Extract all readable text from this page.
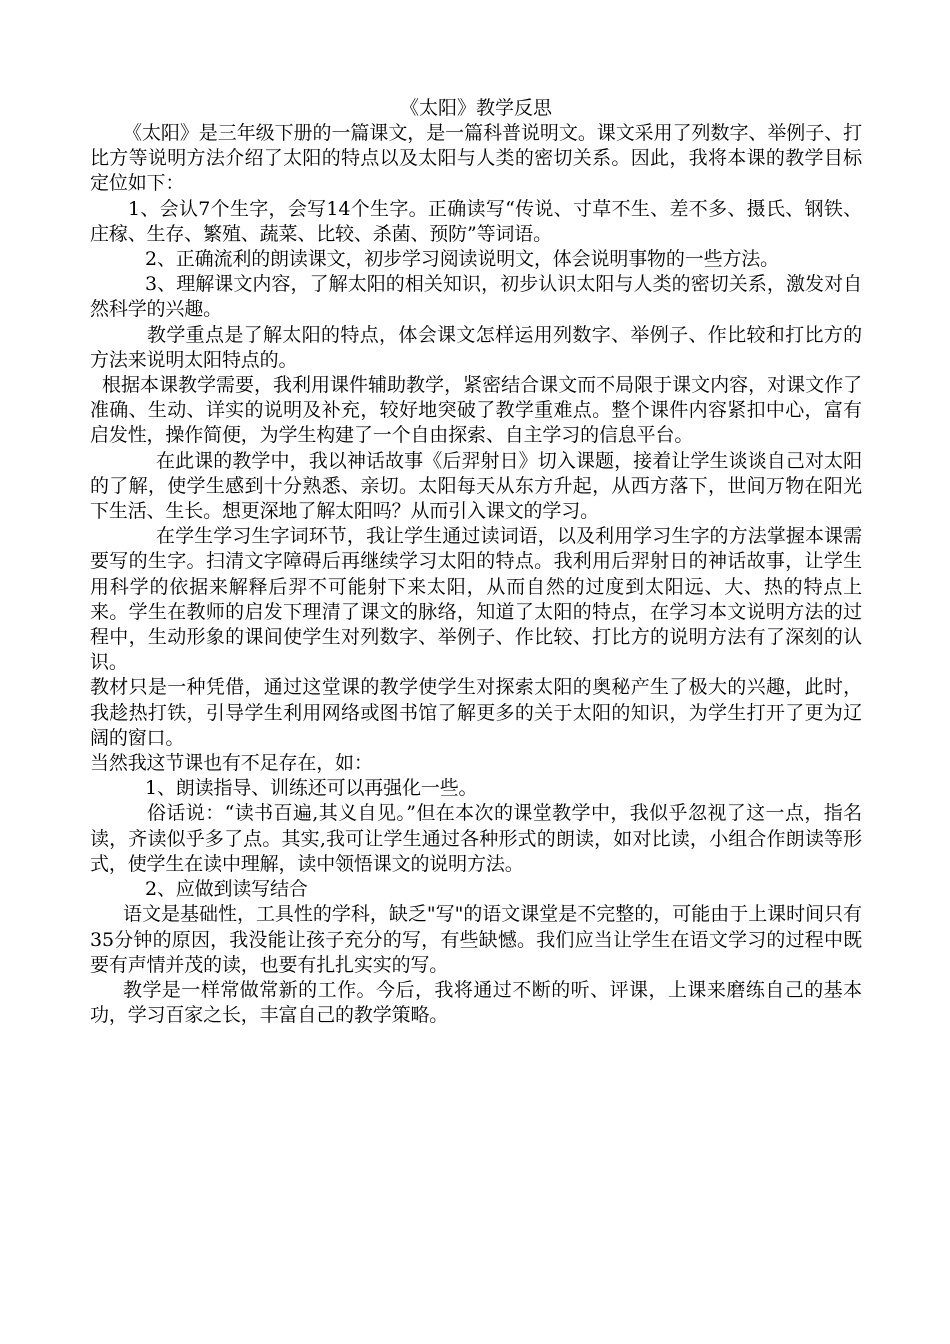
《太阳》教学反思

《太阳》是三年级下册的一篇课文，是一篇科普说明文。课文采用了列数字、举例子、打比方等说明方法介绍了太阳的特点以及太阳与人类的密切关系。因此，我将本课的教学目标定位如下：

1、会认7个生字，会写14个生字。正确读写“传说、寸草不生、差不多、摄氏、钢铁、庄稼、生存、繁殖、蔬菜、比较、杀菌、预防”等词语。

2、正确流利的朗读课文，初步学习阅读说明文，体会说明事物的一些方法。

3、理解课文内容，了解太阳的相关知识，初步认识太阳与人类的密切关系，激发对自然科学的兴趣。

教学重点是了解太阳的特点，体会课文怎样运用列数字、举例子、作比较和打比方的方法来说明太阳特点的。

根据本课教学需要，我利用课件辅助教学，紧密结合课文而不局限于课文内容，对课文作了准确、生动、详实的说明及补充，较好地突破了教学重难点。整个课件内容紧扣中心，富有启发性，操作简便，为学生构建了一个自由探索、自主学习的信息平台。

在此课的教学中，我以神话故事《后羿射日》切入课题，接着让学生谈谈自己对太阳的了解，使学生感到十分熟悉、亲切。太阳每天从东方升起，从西方落下，世间万物在阳光下生活、生长。想更深地了解太阳吗？从而引入课文的学习。

在学生学习生字词环节，我让学生通过读词语，以及利用学习生字的方法掌握本课需要写的生字。扫清文字障碍后再继续学习太阳的特点。我利用后羿射日的神话故事，让学生用科学的依据来解释后羿不可能射下来太阳，从而自然的过度到太阳远、大、热的特点上来。学生在教师的启发下理清了课文的脉络，知道了太阳的特点，在学习本文说明方法的过程中，生动形象的课间使学生对列数字、举例子、作比较、打比方的说明方法有了深刻的认识。

教材只是一种凭借，通过这堂课的教学使学生对探索太阳的奥秘产生了极大的兴趣，此时，我趁热打铁，引导学生利用网络或图书馆了解更多的关于太阳的知识，为学生打开了更为辽阔的窗口。

当然我这节课也有不足存在，如：

1、朗读指导、训练还可以再强化一些。

俗话说：“读书百遍,其义自见。”但在本次的课堂教学中，我似乎忽视了这一点，指名读，齐读似乎多了点。其实,我可让学生通过各种形式的朗读，如对比读，小组合作朗读等形式，使学生在读中理解，读中领悟课文的说明方法。

2、应做到读写结合

语文是基础性，工具性的学科，缺乏"写"的语文课堂是不完整的，可能由于上课时间只有35分钟的原因，我没能让孩子充分的写，有些缺憾。我们应当让学生在语文学习的过程中既要有声情并茂的读，也要有扎扎实实的写。

教学是一样常做常新的工作。今后，我将通过不断的听、评课，上课来磨练自己的基本功，学习百家之长，丰富自己的教学策略。
